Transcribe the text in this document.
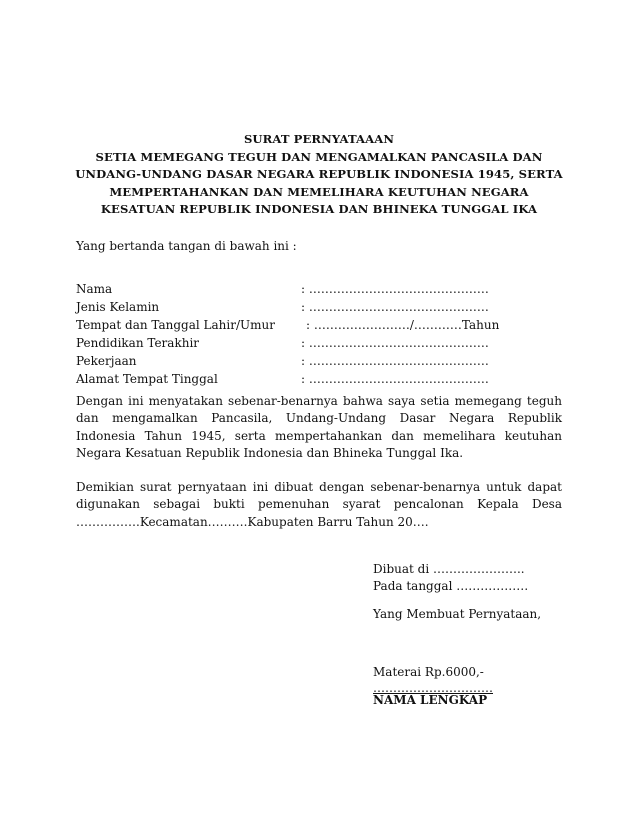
SURAT PERNYATAAAN
SETIA MEMEGANG TEGUH DAN MENGAMALKAN PANCASILA DAN
UNDANG-UNDANG DASAR NEGARA REPUBLIK INDONESIA 1945, SERTA
MEMPERTAHANKAN DAN MEMELIHARA KEUTUHAN NEGARA
KESATUAN REPUBLIK INDONESIA DAN BHINEKA TUNGGAL IKA
Yang bertanda tangan di bawah ini :
Nama	: ………………………………………
Jenis Kelamin	: ………………………………………
Tempat dan Tanggal Lahir/Umur	: ……………………/…………Tahun
Pendidikan Terakhir	: ………………………………………
Pekerjaan	: ………………………………………
Alamat Tempat Tinggal	: ………………………………………
Dengan ini menyatakan sebenar-benarnya bahwa saya setia memegang teguh dan mengamalkan Pancasila, Undang-Undang Dasar Negara Republik Indonesia Tahun 1945, serta mempertahankan dan memelihara keutuhan Negara Kesatuan Republik Indonesia dan Bhineka Tunggal Ika.
Demikian surat pernyataan ini dibuat dengan sebenar-benarnya untuk dapat digunakan sebagai bukti pemenuhan syarat pencalonan Kepala Desa …………….Kecamatan……….Kabupaten Barru Tahun 20….
Dibuat di …………………..
Pada tanggal ………………
Yang Membuat Pernyataan,
Materai Rp.6000,-
…………………………
NAMA LENGKAP
